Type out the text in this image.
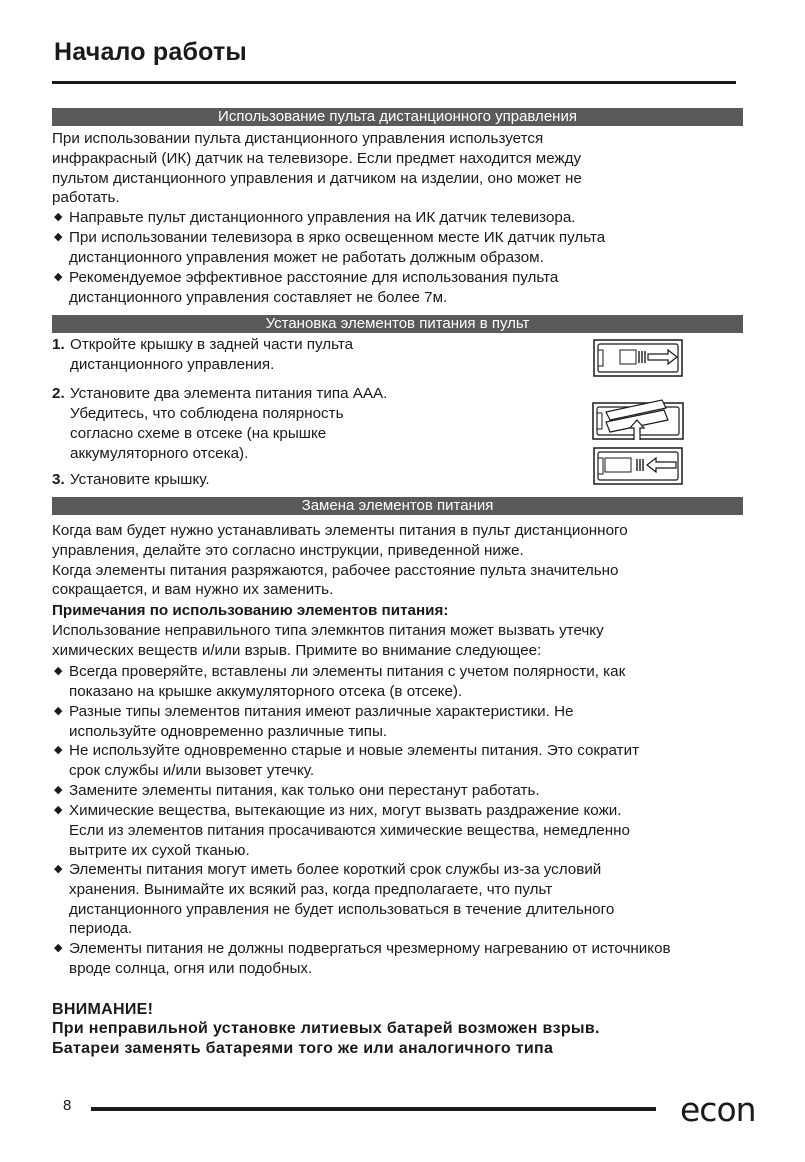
Начало работы
Использование пульта дистанционного управления
При использовании пульта дистанционного управления используется
инфракрасный (ИК) датчик на телевизоре. Если предмет находится между
пультом дистанционного управления и датчиком на изделии, оно может не
работать.
◆ Направьте пульт дистанционного управления на ИК датчик телевизора.
◆ При использовании телевизора в ярко освещенном месте ИК датчик пульта
дистанционного управления может не работать должным образом.
◆ Рекомендуемое эффективное расстояние для использования пульта
дистанционного управления составляет не более 7м.
Установка элементов питания в пульт
1. Откройте крышку в задней части пульта
дистанционного управления.
2. Установите два элемента питания типа ААА.
Убедитесь, что соблюдена полярность
согласно схеме в отсеке (на крышке
аккумуляторного отсека).
3. Установите крышку.
Замена элементов питания
Когда вам будет нужно устанавливать элементы питания в пульт дистанционного
управления, делайте это согласно инструкции, приведенной ниже.
Когда элементы питания разряжаются, рабочее расстояние пульта значительно
сокращается, и вам нужно их заменить.
Примечания по использованию элементов питания:
Использование неправильного типа элемкнтов питания может вызвать утечку
химических веществ и/или взрыв. Примите во внимание следующее:
◆ Всегда проверяйте, вставлены ли элементы питания с учетом полярности, как
показано на крышке аккумуляторного отсека (в отсеке).
◆ Разные типы элементов питания имеют различные характеристики. Не
используйте одновременно различные типы.
◆ Не используйте одновременно старые и новые элементы питания. Это сократит
срок службы и/или вызовет утечку.
◆ Замените элементы питания, как только они перестанут работать.
◆ Химические вещества, вытекающие из них, могут вызвать раздражение кожи.
Если из элементов питания просачиваются химические вещества, немедленно
вытрите их сухой тканью.
◆ Элементы питания могут иметь более короткий срок службы из-за условий
хранения. Вынимайте их всякий раз, когда предполагаете, что пульт
дистанционного управления не будет использоваться в течение длительного
периода.
◆ Элементы питания не должны подвергаться чрезмерному нагреванию от источников
вроде солнца, огня или подобных.
ВНИМАНИЕ!
При неправильной установке литиевых батарей возможен взрыв.
Батареи заменять батареями того же или аналогичного типа
8	econ
